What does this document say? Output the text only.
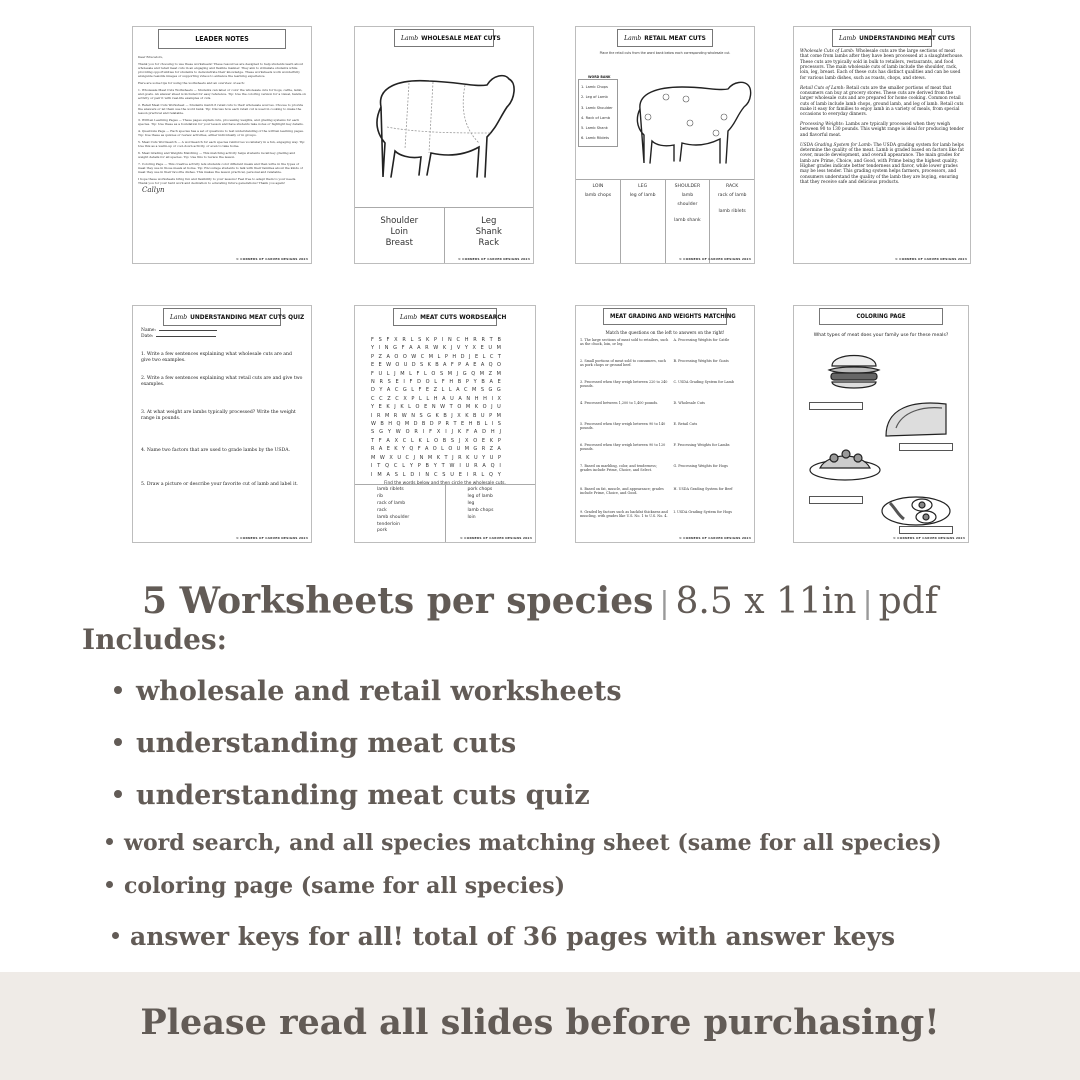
LEADER NOTES

Dear Educators,

Thank you for choosing to use these worksheets! These resources are designed to help students learn about wholesale and retail meat cuts in an engaging and flexible manner. They aim to stimulate students while providing opportunities for students to demonstrate their knowledge. These worksheets work wonderfully alongside real-life images or supporting videos to enhance the learning experience.

Here are some tips for using the worksheets and an overview of each:

1. Wholesale Meat Cuts Worksheets — Students can label or color the wholesale cuts for hogs, cattle, lamb, and goats. An answer sheet is included for easy reference. Tip: Use the coloring version for a visual, hands-on activity or pair it with real-life examples of cuts.

2. Retail Meat Cuts Worksheet — Students match 6 retail cuts to their wholesale sources. Choose to provide the answers or let them use the word bank. Tip: Discuss how each retail cut is used in cooking to make the lesson practical and relatable.

3. Written Learning Pages — These pages explain cuts, processing weights, and grading systems for each species. Tip: Use these as a foundation for your lesson and have students take notes or highlight key details.

4. Questions Page — Each species has a set of questions to test understanding of the written learning pages. Tip: Use these as quizzes or review activities, either individually or in groups.

5. Meat Cuts Wordsearch — A wordsearch for each species reinforces vocabulary in a fun, engaging way. Tip: Use this as a warm-up or cool-down activity, or even to take home.

6. Meat Grading and Weights Matching — This matching activity helps students recall key grading and weight details for all species. Tip: Use this to review the lesson.

7. Coloring Page — This creative activity lets students color different meals and then write in the types of meat they use in those meals at home. Tip: Encourage students to talk with their families about the kinds of meat they use in their favorite dishes. This makes the lesson practical, personal and relatable.

I hope these worksheets bring fun and flexibility to your lessons! Feel free to adapt them to your needs. Thank you for your hard work and dedication to educating future generations! Thank you again!

Callyn
© CORNERS OF CARVER DESIGNS 2024
Lamb WHOLESALE MEAT CUTS
Shoulder
Loin
Breast
Leg
Shank
Rack
© CORNERS OF CARVER DESIGNS 2024
Lamb RETAIL MEAT CUTS
Place the retail cuts from the word bank below each corresponding wholesale cut.
WORD BANK
1. Lamb Chops
2. Leg of Lamb
3. Lamb Shoulder
4. Rack of Lamb
5. Lamb Shank
6. Lamb Riblets
LOIN
lamb chops
LEG
leg of lamb
SHOULDER
lamb
shoulder
lamb shank
RACK
rack of lamb
lamb riblets
© CORNERS OF CARVER DESIGNS 2024
Lamb UNDERSTANDING MEAT CUTS

Wholesale Cuts of Lamb: Wholesale cuts are the large sections of meat that come from lambs after they have been processed at a slaughterhouse. These cuts are typically sold in bulk to retailers, restaurants, and food processors. The main wholesale cuts of lamb include the shoulder, rack, loin, leg, breast. Each of these cuts has distinct qualities and can be used for various lamb dishes, such as roasts, chops, and stews.

Retail Cuts of Lamb: Retail cuts are the smaller portions of meat that consumers can buy at grocery stores. These cuts are derived from the larger wholesale cuts and are prepared for home cooking. Common retail cuts of lamb include lamb chops, ground lamb, and leg of lamb. Retail cuts make it easy for families to enjoy lamb in a variety of meals, from special occasions to everyday dinners.

Processing Weights: Lambs are typically processed when they weigh between 90 to 130 pounds. This weight range is ideal for producing tender and flavorful meat.

USDA Grading System for Lamb: The USDA grading system for lamb helps determine the quality of the meat. Lamb is graded based on factors like fat cover, muscle development, and overall appearance. The main grades for lamb are Prime, Choice, and Good, with Prime being the highest quality. Higher grades indicate better tenderness and flavor, while lower grades may be less tender. This grading system helps farmers, processors, and consumers understand the quality of the lamb they are buying, ensuring that they receive safe and delicious products.

© CORNERS OF CARVER DESIGNS 2024
Lamb UNDERSTANDING MEAT CUTS QUIZ
Name:
Date:
1. Write a few sentences explaining what wholesale cuts are and give two examples.
2. Write a few sentences explaining what retail cuts are and give two examples.
3. At what weight are lambs typically processed? Write the weight range in pounds.
4. Name two factors that are used to grade lambs by the USDA.
5. Draw a picture or describe your favorite cut of lamb and label it.
© CORNERS OF CARVER DESIGNS 2024
Lamb MEAT CUTS WORDSEARCH
F S F X R L S K P I N C H R R T B
Y I N G F A A R W K J V Y X E U M
P Z A O O W C M L P H D J E L C T
E E W O U D S K B A F P A E A Q O
F U L J M L F L O S M J G Q M Z M
N R S E I F D O L F H B P Y B A E
D Y A C G L F E Z L L A C M S G G
C C Z C X P L L H A U A N H H I X
Y E K J K L O E N W T O M K O J U
I R M R W N S G K B J X K B U P M
W B H Q M D B D P R T E H B L I S
S G Y W O R I F X I J K F A D H J
T F A X C L K L O B S J X O E K P
R A E K Y Q F A O L O U M G R Z A
M W X U C J N M K T J R K U Y U P
I T Q C L Y P B Y T W I U R A Q I
I M A S L D I N C S U E I R L Q Y
Find the words below and then circle the wholesale cuts.
lamb riblets
rib
rack of lamb
rack
lamb shoulder
tenderloin
pork
pork chops
leg of lamb
leg
lamb chops
loin
© CORNERS OF CARVER DESIGNS 2024
MEAT GRADING AND WEIGHTS MATCHING
Match the questions on the left to answers on the right!
1. The large sections of meat sold to retailers, such as the chuck, loin, or leg.
A. Processing Weights for Cattle
2. Small portions of meat sold to consumers, such as pork chops or ground beef.
B. Processing Weights for Goats
3. Processed when they weigh between 220 to 240 pounds.
C. USDA Grading System for Lamb
4. Processed between 1,200 to 1,400 pounds.	D. Wholesale Cuts
5. Processed when they weigh between 90 to 140 pounds.
E. Retail Cuts
6. Processed when they weigh between 90 to 120 pounds.
F. Processing Weights for Lambs
7. Based on marbling, color, and tenderness; grades include Prime, Choice, and Select.
G. Processing Weights for Hogs
8. Based on fat, muscle, and appearance; grades include Prime, Choice, and Good.
H. USDA Grading System for Beef
9. Graded by factors such as backfat thickness and muscling, with grades like U.S. No. 1 to U.S. No. 4.
I. USDA Grading System for Hogs
© CORNERS OF CARVER DESIGNS 2024
COLORING PAGE
What types of meat does your family use for these meals?
© CORNERS OF CARVER DESIGNS 2024
5 Worksheets per species | 8.5 x 11in | pdf
Includes:
wholesale and retail worksheets
understanding meat cuts
understanding meat cuts quiz
word search, and all species matching sheet (same for all species)
coloring page (same for all species)
answer keys for all! total of 36 pages with answer keys
Please read all slides before purchasing!
